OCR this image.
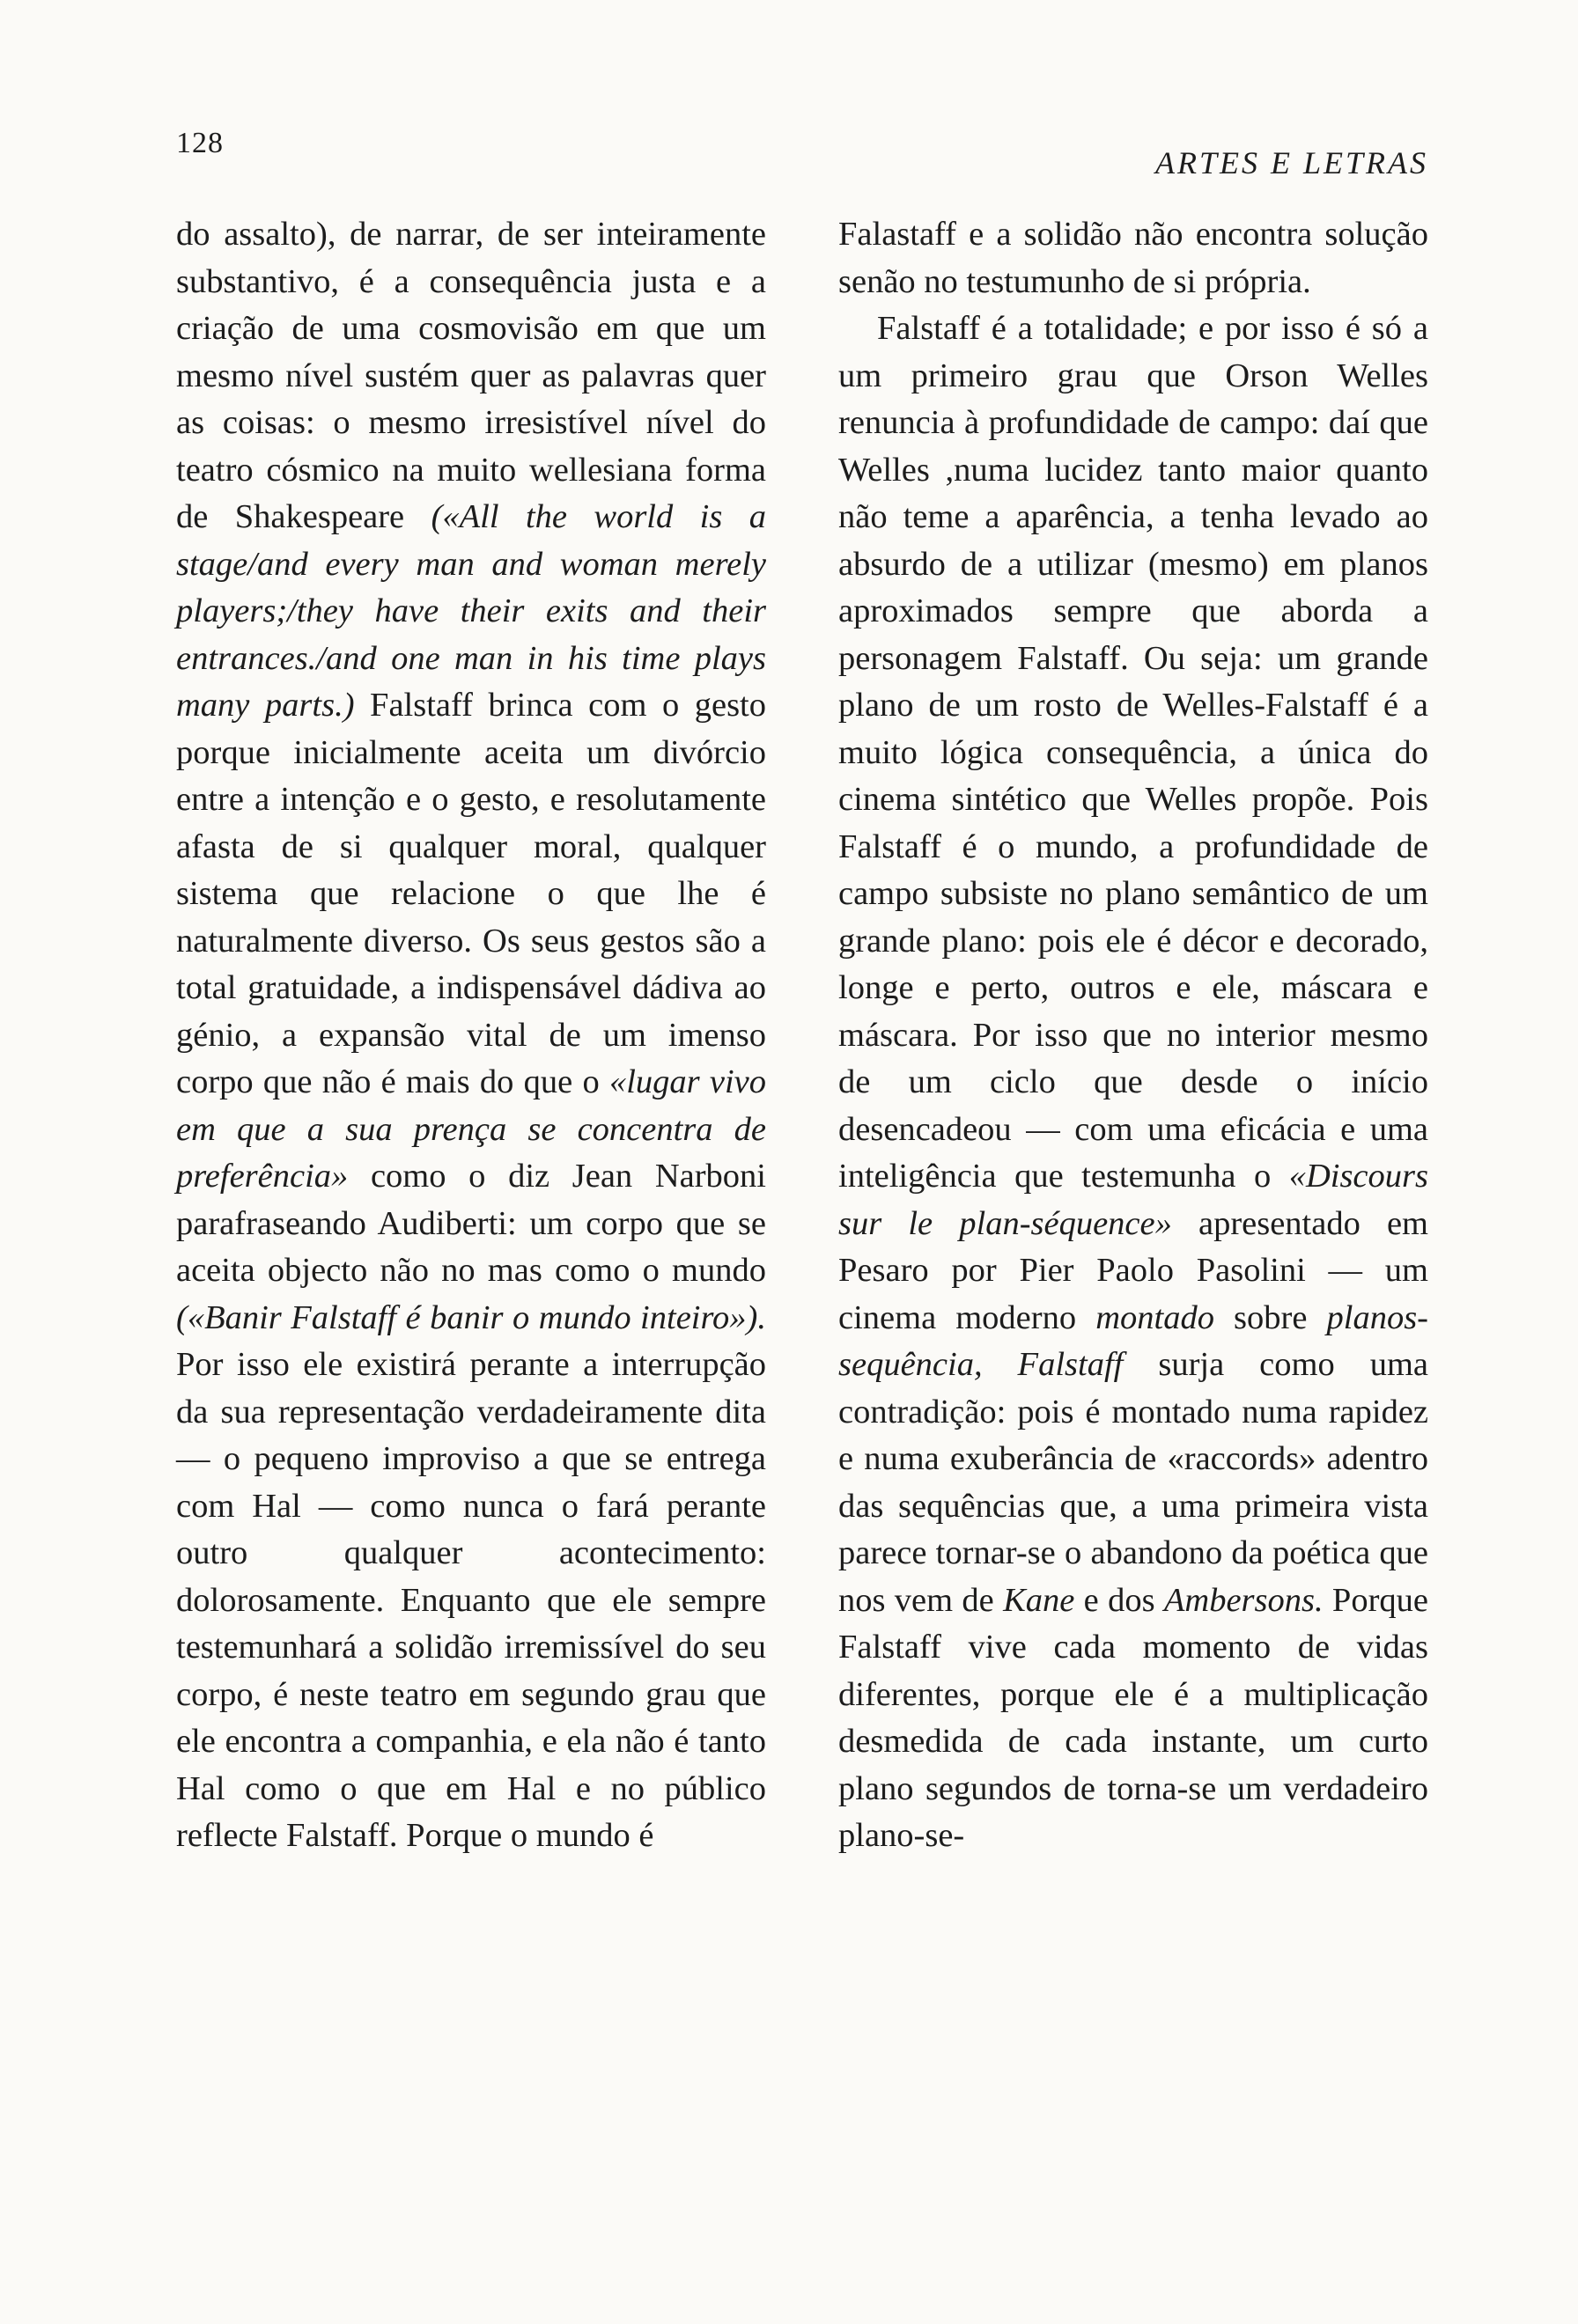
128
ARTES E LETRAS

do assalto), de narrar, de ser inteiramente substantivo, é a consequência justa e a criação de uma cosmovisão em que um mesmo nível sustém quer as palavras quer as coisas: o mesmo irresistível nível do teatro cósmico na muito wellesiana forma de Shakespeare («All the world is a stage/and every man and woman merely players;/they have their exits and their entrances./and one man in his time plays many parts.) Falstaff brinca com o gesto porque inicialmente aceita um divórcio entre a intenção e o gesto, e resolutamente afasta de si qualquer moral, qualquer sistema que relacione o que lhe é naturalmente diverso. Os seus gestos são a total gratuidade, a indispensável dádiva ao génio, a expansão vital de um imenso corpo que não é mais do que o «lugar vivo em que a sua prença se concentra de preferência» como o diz Jean Narboni parafraseando Audiberti: um corpo que se aceita objecto não no mas como o mundo («Banir Falstaff é banir o mundo inteiro»). Por isso ele existirá perante a interrupção da sua representação verdadeiramente dita — o pequeno improviso a que se entrega com Hal — como nunca o fará perante outro qualquer acontecimento: dolorosamente. Enquanto que ele sempre testemunhará a solidão irremissível do seu corpo, é neste teatro em segundo grau que ele encontra a companhia, e ela não é tanto Hal como o que em Hal e no público reflecte Falstaff. Porque o mundo é

Falastaff e a solidão não encontra solução senão no testumunho de si própria.

Falstaff é a totalidade; e por isso é só a um primeiro grau que Orson Welles renuncia à profundidade de campo: daí que Welles ,numa lucidez tanto maior quanto não teme a aparência, a tenha levado ao absurdo de a utilizar (mesmo) em planos aproximados sempre que aborda a personagem Falstaff. Ou seja: um grande plano de um rosto de Welles-Falstaff é a muito lógica consequência, a única do cinema sintético que Welles propõe. Pois Falstaff é o mundo, a profundidade de campo subsiste no plano semântico de um grande plano: pois ele é décor e decorado, longe e perto, outros e ele, máscara e máscara. Por isso que no interior mesmo de um ciclo que desde o início desencadeou — com uma eficácia e uma inteligência que testemunha o «Discours sur le plan-séquence» apresentado em Pesaro por Pier Paolo Pasolini — um cinema moderno montado sobre planos-sequência, Falstaff surja como uma contradição: pois é montado numa rapidez e numa exuberância de «raccords» adentro das sequências que, a uma primeira vista parece tornar-se o abandono da poética que nos vem de Kane e dos Ambersons. Porque Falstaff vive cada momento de vidas diferentes, porque ele é a multiplicação desmedida de cada instante, um curto plano segundos de torna-se um verdadeiro plano-se-
